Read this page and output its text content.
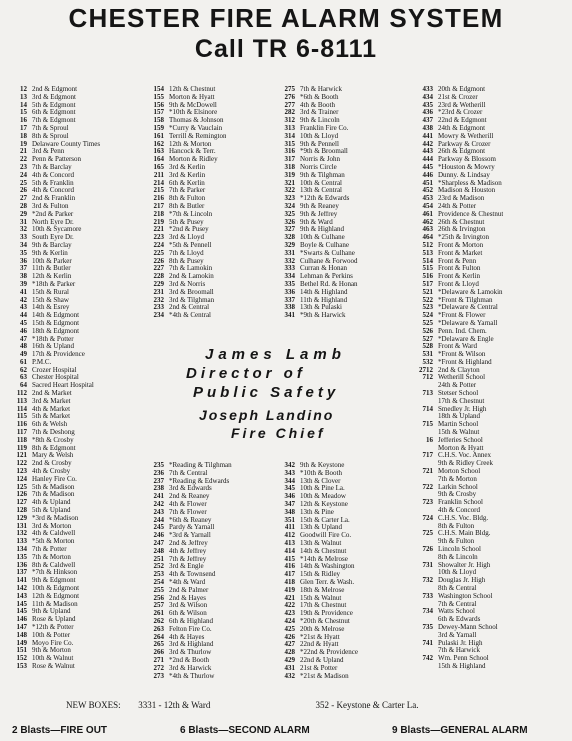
CHESTER FIRE ALARM SYSTEM
Call TR 6-8111
12 2nd & Edgmont
13 3rd & Edgmont
14 5th & Edgmont
15 6th & Edgmont
16 7th & Edgmont
17 7th & Sproul
18 8th & Sproul
19 Delaware County Times
21 3rd & Penn
22 Penn & Patterson
23 7th & Barclay
24 4th & Concord
25 5th & Franklin
26 4th & Concord
27 2nd & Franklin
28 3rd & Fulton
29 *2nd & Parker
31 North Eyre Dr.
32 10th & Sycamore
33 South Eyre Dr.
34 9th & Barclay
35 9th & Kerlin
36 10th & Parker
37 11th & Butler
38 12th & Kerlin
39 *18th & Parker
41 15th & Rural
42 15th & Shaw
43 14th & Esrey
44 14th & Edgmont
45 15th & Edgmont
46 18th & Edgmont
47 *18th & Potter
48 16th & Upland
49 17th & Providence
61 P.M.C.
62 Crozer Hospital
63 Chester Hospital
64 Sacred Heart Hospital
112 2nd & Market
113 3rd & Market
114 4th & Market
115 5th & Market
116 6th & Welsh
117 7th & Deshong
118 *8th & Crosby
119 8th & Edgmont
121 Mary & Welsh
122 2nd & Crosby
123 4th & Crosby
124 Hanley Fire Co.
125 5th & Madison
126 7th & Madison
127 4th & Upland
128 5th & Upland
129 *3rd & Madison
131 3rd & Morton
132 4th & Caldwell
133 *5th & Morton
134 7th & Potter
135 7th & Morton
136 8th & Caldwell
137 *7th & Hinkson
141 9th & Edgmont
142 10th & Edgmont
143 12th & Edgmont
145 11th & Madison
145 9th & Upland
146 Rose & Upland
147 *12th & Potter
148 10th & Potter
149 Moyo Fire Co.
151 9th & Morton
152 10th & Walnut
153 Rose & Walnut
154 12th & Chestnut
155 Morton & Hyatt
156 9th & McDowell
157 *10th & Elsinore
158 Thomas & Johnson
159 *Curry & Vauclain
161 Terrill & Remington
162 12th & Morton
163 Hancock & Terr.
164 Morton & Ridley
165 3rd & Kerlin
211 3rd & Kerlin
214 6th & Kerlin
215 7th & Parker
216 8th & Fulton
217 8th & Butler
218 *7th & Lincoln
219 5th & Pusey
221 *2nd & Pusey
223 3rd & Lloyd
224 *5th & Pennell
225 7th & Lloyd
226 8th & Pusey
227 7th & Lamokin
228 2nd & Lamokin
229 3rd & Norris
231 3rd & Broomall
232 3rd & Tilghman
233 2nd & Central
234 *4th & Central
275 7th & Harwick
276 *6th & Booth
277 4th & Booth
282 3rd & Trainer
312 9th & Lincoln
313 Franklin Fire Co.
314 10th & Lloyd
315 9th & Pennell
316 *9th & Broomall
317 Norris & John
318 Norris Circle
319 9th & Tilghman
321 10th & Central
322 13th & Central
323 *12th & Edwards
324 9th & Reaney
325 9th & Jeffrey
326 9th & Ward
327 9th & Highland
328 10th & Culhane
329 Boyle & Culhane
331 *Swarts & Culhane
332 Culhane & Forwood
333 Curran & Honan
334 Lehman & Perkins
335 Bethel Rd. & Honan
336 14th & Highland
337 11th & Highland
338 13th & Pulaski
341 *9th & Harwick
433 20th & Edgmont
434 21st & Crozer
435 23rd & Wetherill
436 *23rd & Crozer
437 22nd & Edgmont
438 24th & Edgmont
441 Mowry & Wetherill
442 Parkway & Crozer
443 26th & Edgmont
444 Parkway & Blossom
445 *Houston & Mowry
446 Dunny. & Lindsay
451 *Sharpless & Madison
452 Madison & Houston
453 23rd & Madison
454 24th & Potter
461 Providence & Chestnut
462 26th & Chestnut
463 26th & Irvington
464 *25th & Irvington
512 Front & Morton
513 Front & Market
514 Front & Penn
515 Front & Fulton
516 Front & Kerlin
517 Front & Lloyd
521 *Delaware & Lamokin
522 *Front & Tilghman
523 *Delaware & Central
524 *Front & Flower
525 *Delaware & Yarnall
526 Penn. Ind. Chem.
527 *Delaware & Engle
528 Front & Ward
531 *Front & Wilson
532 *Front & Highland
2712 2nd & Clayton
712 Wetherill School
24th & Potter
713 Stetser School
17th & Chestnut
714 Smedley Jr. High
18th & Upland
715 Martin School
15th & Walnut
16 Jefferies School
Morton & Hyatt
717 C.H.S. Voc. Annex
9th & Ridley Creek
721 Morton School
7th & Morton
722 Larkin School
9th & Crosby
723 Franklin School
4th & Concord
724 C.H.S. Voc. Bldg.
8th & Fulton
725 C.H.S. Main Bldg.
9th & Fulton
726 Lincoln School
8th & Lincoln
731 Showalter Jr. High
10th & Lloyd
732 Douglas Jr. High
8th & Central
733 Washington School
7th & Central
734 Watts School
6th & Edwards
735 Dewey-Mann School
3rd & Yarnall
741 Pulaski Jr. High
7th & Harwick
742 Wm. Penn School
15th & Highland
235 *Reading & Tilghman
236 7th & Central
237 *Reading & Edwards
238 3rd & Edwards
241 2nd & Reaney
242 4th & Flower
243 7th & Flower
244 *6th & Reaney
245 Pardy & Yarnall
246 *3rd & Yarnall
247 2nd & Jeffrey
248 4th & Jeffrey
251 7th & Jeffrey
252 3rd & Engle
253 4th & Townsend
254 *4th & Ward
255 2nd & Palmer
256 2nd & Hayes
257 3rd & Wilson
261 6th & Wilson
262 6th & Highland
263 Felton Fire Co.
264 4th & Hayes
265 3rd & Highland
266 3rd & Thurlow
271 *2nd & Booth
272 3rd & Harwick
273 *4th & Thurlow
342 9th & Keystone
343 *10th & Booth
344 13th & Clover
345 10th & Pine La.
346 10th & Meadow
347 12th & Keystone
348 13th & Pine
351 15th & Carter La.
411 13th & Upland
412 Goodwill Fire Co.
413 13th & Walnut
414 14th & Chestnut
415 *14th & Melrose
416 14th & Washington
417 15th & Ridley
418 Glen Terr. & Wash.
419 18th & Melrose
421 15th & Walnut
422 17th & Chestnut
423 19th & Providence
424 *20th & Chestnut
425 20th & Melrose
426 *21st & Hyatt
427 22nd & Hyatt
428 *22nd & Providence
429 22nd & Upland
431 21st & Potter
432 *21st & Madison
James Lamb
Director of
Public Safety
Joseph Landino
Fire Chief
NEW BOXES: 3331 - 12th & Ward	352 - Keystone & Carter La.
2 Blasts—FIRE OUT	6 Blasts—SECOND ALARM	9 Blasts—GENERAL ALARM
